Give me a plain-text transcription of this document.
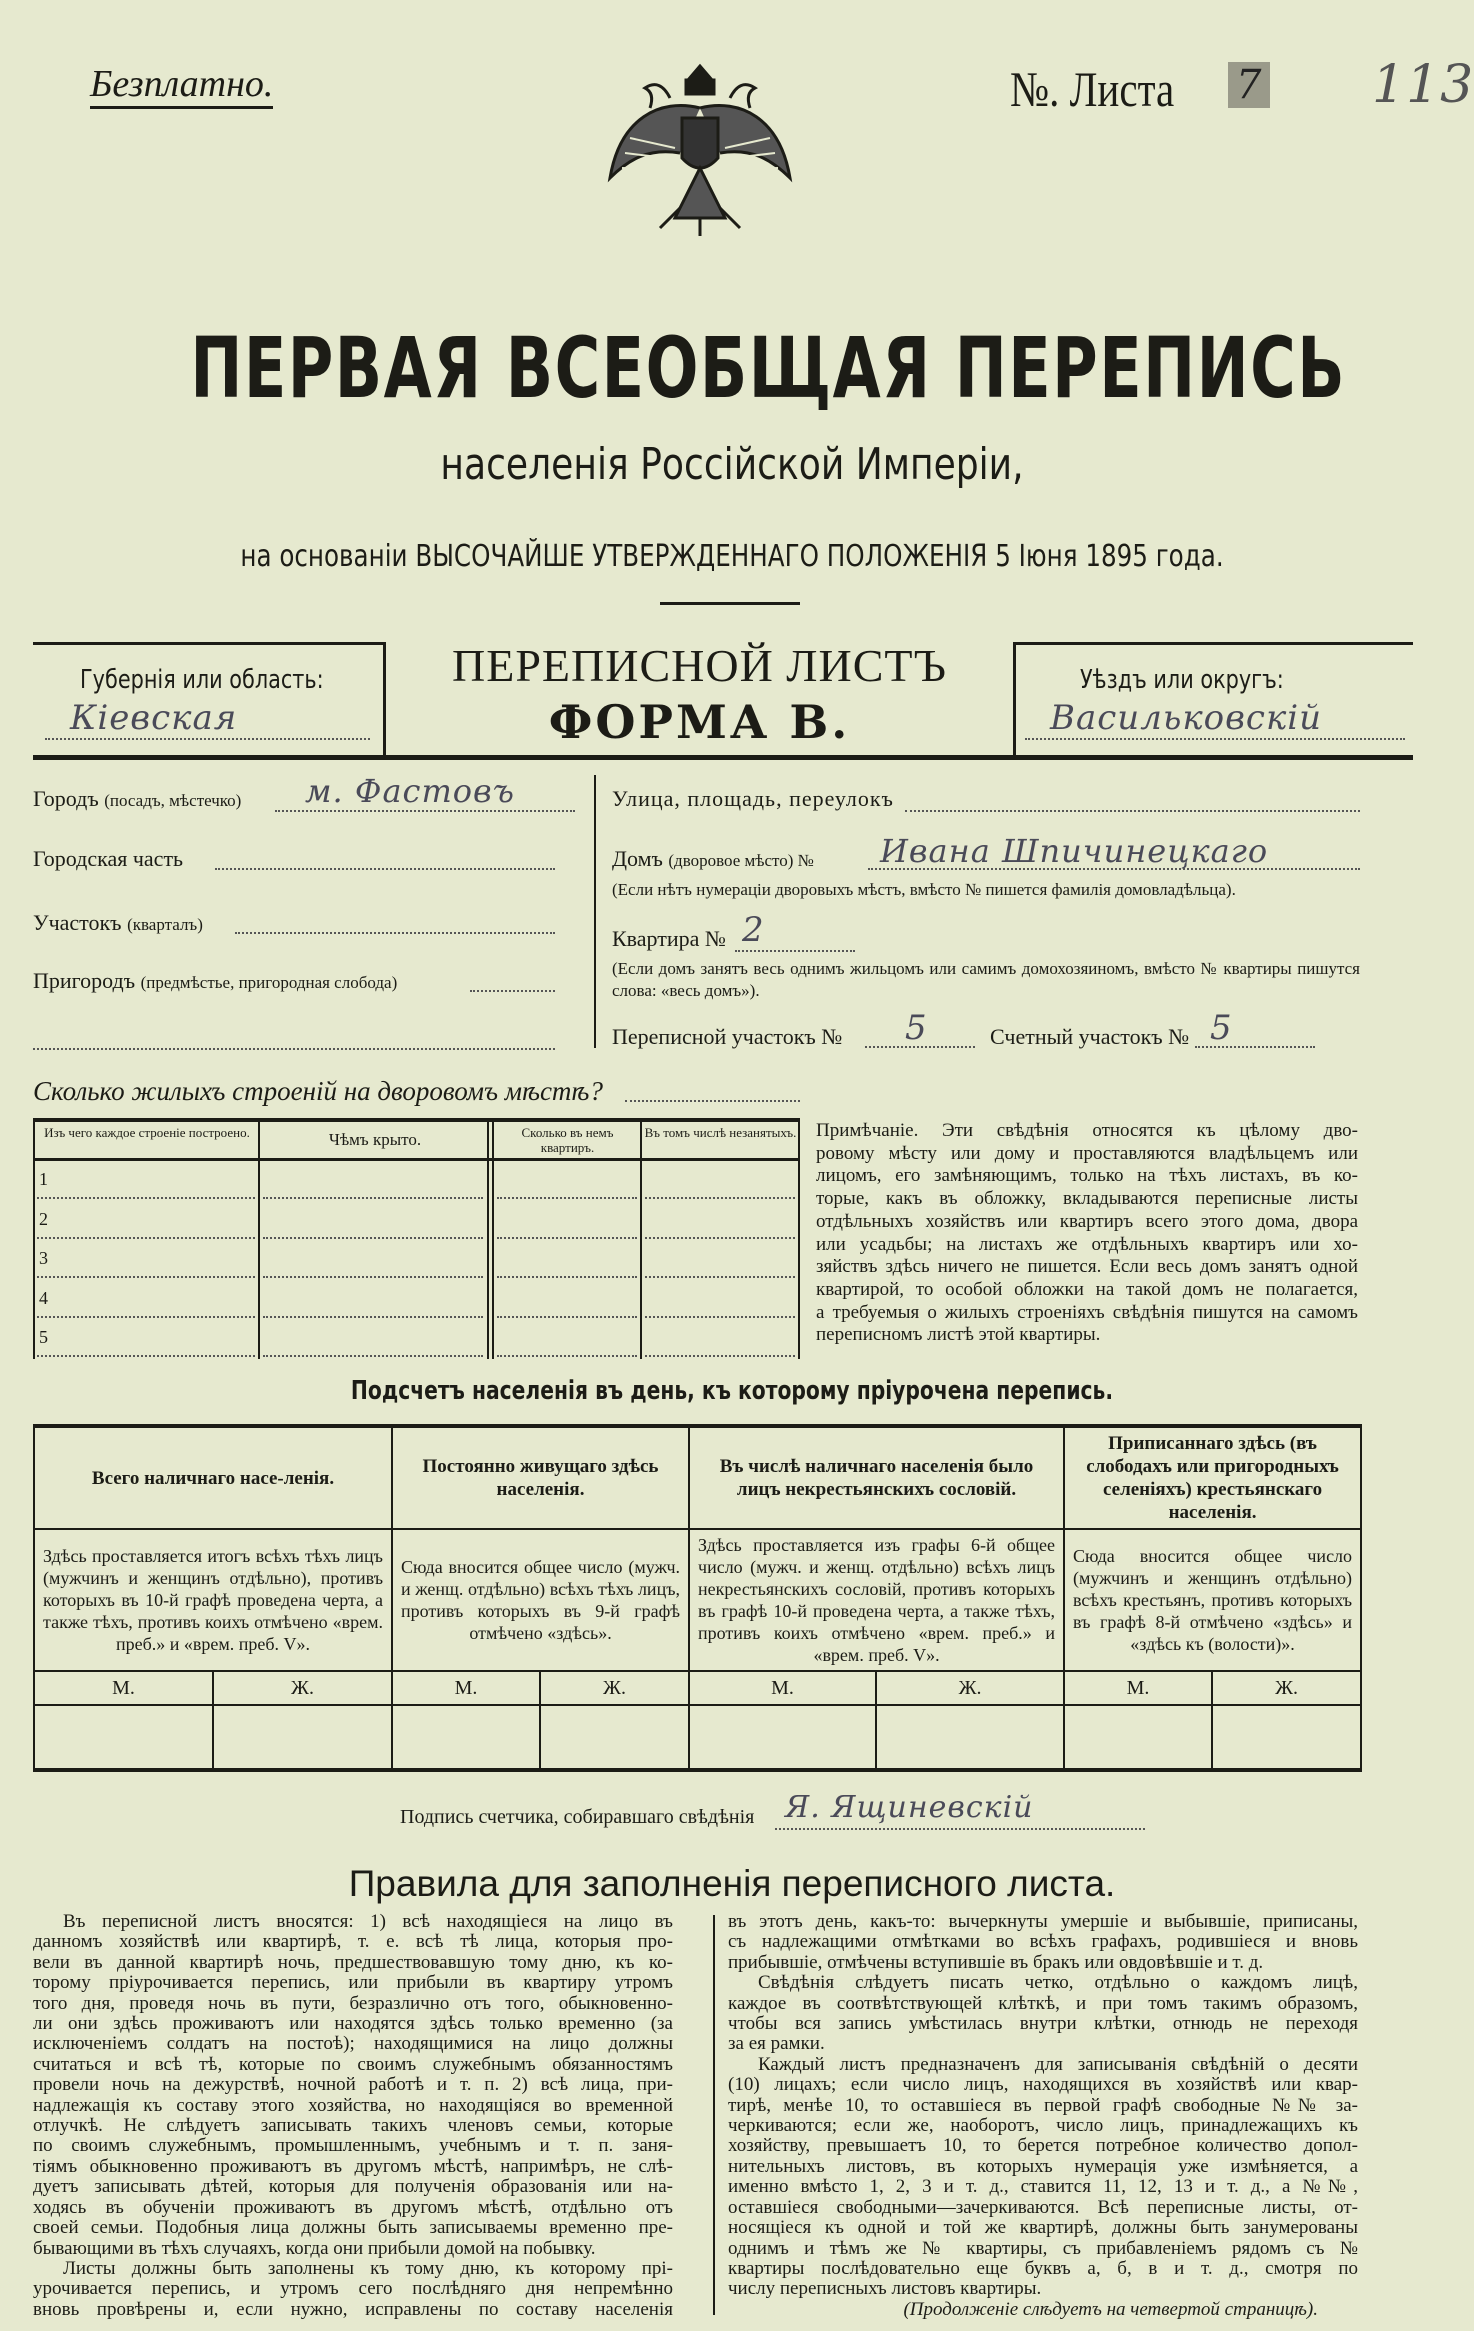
Безплатно.	№. Листа 7 113
ПЕРВАЯ ВСЕОБЩАЯ ПЕРЕПИСЬ
населенія Россійской Имперіи,
на основаніи ВЫСОЧАЙШЕ УТВЕРЖДЕННАГО ПОЛОЖЕНІЯ 5 Іюня 1895 года.
Губернія или область:
Кіевская
ПЕРЕПИСНОЙ ЛИСТЪ
ФОРМА В.
Уѣздъ или округъ:
Васильковскій
Городъ (посадъ, мѣстечко) м. Фастовъ
Городская часть
Участокъ (кварталъ)
Пригородъ (предмѣстье, пригородная слобода)
Улица, площадь, переулокъ
Домъ (дворовое мѣсто) № Ивана Шпичинецкаго
(Если нѣтъ нумераціи дворовыхъ мѣстъ, вмѣсто № пишется фамилія домовладѣльца).
Квартира № 2
(Если домъ занятъ весь однимъ жильцомъ или самимъ домохозяиномъ, вмѣсто № квартиры пишутся слова: «весь домъ»).
Переписной участокъ № 5	Счетный участокъ № 5
Сколько жилыхъ строеній на дворовомъ мѣстѣ?
Изъ чего каждое строеніе построено.	Чѣмъ крыто.	Сколько въ немъ квартиръ.
Въ томъ числѣ незанятыхъ.
1
2
3
4
5
Примѣчаніе. Эти свѣдѣнія относятся къ цѣлому дво-
ровому мѣсту или дому и проставляются владѣльцемъ или
лицомъ, его замѣняющимъ, только на тѣхъ листахъ, въ ко-
торые, какъ въ обложку, вкладываются переписные листы
отдѣльныхъ хозяйствъ или квартиръ всего этого дома, двора
или усадьбы; на листахъ же отдѣльныхъ квартиръ или хо-
зяйствъ здѣсь ничего не пишется. Если весь домъ занятъ одной
квартирой, то особой обложки на такой домъ не полагается,
а требуемыя о жилыхъ строеніяхъ свѣдѣнія пишутся на самомъ
переписномъ листѣ этой квартиры.
Подсчетъ населенія въ день, къ которому пріурочена перепись.
Всего наличнаго насе-ленія.		Постоянно живущаго здѣсь населенія.		Въ числѣ наличнаго населенія было лицъ некрестьянскихъ сословій.		Приписаннаго здѣсь (въ слободахъ или пригородныхъ селеніяхъ) крестьянскаго населенія.	
Здѣсь проставляется итогъ всѣхъ тѣхъ лицъ (мужчинъ и женщинъ отдѣльно), противъ которыхъ въ 10-й графѣ проведена черта, а также тѣхъ, противъ коихъ отмѣчено «врем. преб.» и «врем. преб. V».		Сюда вносится общее число (мужч. и женщ. отдѣльно) всѣхъ тѣхъ лицъ, противъ которыхъ въ 9-й графѣ отмѣчено «здѣсь».		Здѣсь проставляется изъ графы 6-й общее число (мужч. и женщ. отдѣльно) всѣхъ лицъ некрестьянскихъ сословій, противъ которыхъ въ графѣ 10-й проведена черта, а также тѣхъ, противъ коихъ отмѣчено «врем. преб.» и «врем. преб. V».		Сюда вносится общее число (мужчинъ и женщинъ отдѣльно) всѣхъ крестьянъ, противъ которыхъ въ графѣ 8-й отмѣчено «здѣсь» и «здѣсь къ (волости)».	
М.	Ж.	М.	Ж.	М.	Ж.	М.	Ж.

Подпись счетчика, собиравшаго свѣдѣнія Я. Ящиневскій
Правила для заполненія переписного листа.
Въ переписной листъ вносятся: 1) всѣ находящіеся на лицо въ
данномъ хозяйствѣ или квартирѣ, т. е. всѣ тѣ лица, которыя про-
вели въ данной квартирѣ ночь, предшествовавшую тому дню, къ ко-
торому пріурочивается перепись, или прибыли въ квартиру утромъ
того дня, проведя ночь въ пути, безразлично отъ того, обыкновенно-
ли они здѣсь проживаютъ или находятся здѣсь только временно (за
исключеніемъ солдатъ на постоѣ); находящимися на лицо должны
считаться и всѣ тѣ, которые по своимъ служебнымъ обязанностямъ
провели ночь на дежурствѣ, ночной работѣ и т. п. 2) всѣ лица, при-
надлежащія къ составу этого хозяйства, но находящіяся во временной
отлучкѣ. Не слѣдуетъ записывать такихъ членовъ семьи, которые
по своимъ служебнымъ, промышленнымъ, учебнымъ и т. п. заня-
тіямъ обыкновенно проживаютъ въ другомъ мѣстѣ, напримѣръ, не слѣ-
дуетъ записывать дѣтей, которыя для полученія образованія или на-
ходясь въ обученіи проживаютъ въ другомъ мѣстѣ, отдѣльно отъ
своей семьи. Подобныя лица должны быть записываемы временно пре-
бывающими въ тѣхъ случаяхъ, когда они прибыли домой на побывку.
Листы должны быть заполнены къ тому дню, къ которому прі-
урочивается перепись, и утромъ сего послѣдняго дня непремѣнно
вновь провѣрены и, если нужно, исправлены по составу населенія
въ этотъ день, какъ-то: вычеркнуты умершіе и выбывшіе, приписаны,
съ надлежащими отмѣтками во всѣхъ графахъ, родившіеся и вновь
прибывшіе, отмѣчены вступившіе въ бракъ или овдовѣвшіе и т. д.
Свѣдѣнія слѣдуетъ писать четко, отдѣльно о каждомъ лицѣ,
каждое въ соотвѣтствующей клѣткѣ, и при томъ такимъ образомъ,
чтобы вся запись умѣстилась внутри клѣтки, отнюдь не переходя
за ея рамки.
Каждый листъ предназначенъ для записыванія свѣдѣній о десяти
(10) лицахъ; если число лицъ, находящихся въ хозяйствѣ или квар-
тирѣ, менѣе 10, то оставшіеся въ первой графѣ свободные №№ за-
черкиваются; если же, наоборотъ, число лицъ, принадлежащихъ къ
хозяйству, превышаетъ 10, то берется потребное количество допол-
нительныхъ листовъ, въ которыхъ нумерація уже измѣняется, а
именно вмѣсто 1, 2, 3 и т. д., ставится 11, 12, 13 и т. д., а №№,
оставшіеся свободными—зачеркиваются. Всѣ переписные листы, от-
носящіеся къ одной и той же квартирѣ, должны быть занумерованы
однимъ и тѣмъ же № квартиры, съ прибавленіемъ рядомъ съ №
квартиры послѣдовательно еще буквъ а, б, в и т. д., смотря по
числу переписныхъ листовъ квартиры.
(Продолженіе слѣдуетъ на четвертой страницѣ).
